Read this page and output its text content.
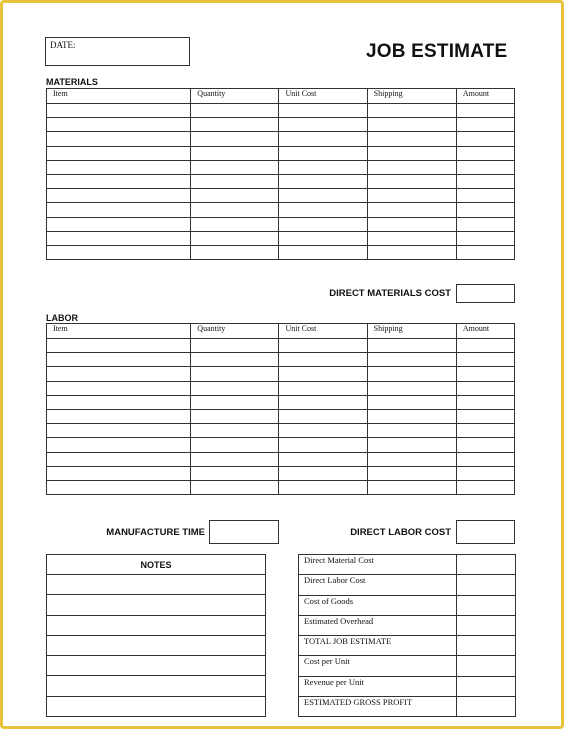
DATE:	JOB ESTIMATE
MATERIALS
Item	Quantity	Unit Cost	Shipping	Amount

DIRECT MATERIALS COST
LABOR
Item	Quantity	Unit Cost	Shipping	Amount

MANUFACTURE TIME	DIRECT LABOR COST
NOTES	Direct Material Cost	
Direct Labor Cost	
Cost of Goods	
Estimated Overhead	
TOTAL JOB ESTIMATE	
Cost per Unit	
Revenue per Unit	
ESTIMATED GROSS PROFIT	
